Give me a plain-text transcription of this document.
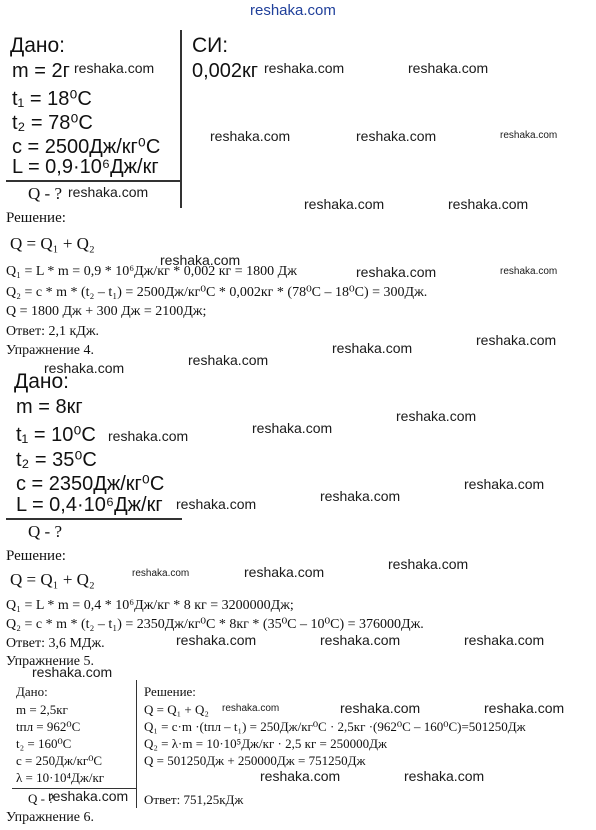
reshaka.com
Дано:	СИ:
m = 2г	0,002кг
t₁ = 18⁰С
t₂ = 78⁰С
с = 2500Дж/кг⁰С
L = 0,9·10⁶Дж/кг
Q - ?
Решение:
Q = Q₁ + Q₂
Q₁ = L * m = 0,9 * 10⁶Дж/кг * 0,002 кг = 1800 Дж
Q₂ = c * m * (t₂ – t₁) = 2500Дж/кг⁰С * 0,002кг * (78⁰С – 18⁰С) = 300Дж.
Q = 1800 Дж + 300 Дж = 2100Дж;
Ответ: 2,1 кДж.
Упражнение 4.
Дано:
m = 8кг
t₁ = 10⁰С
t₂ = 35⁰С
с = 2350Дж/кг⁰С
L = 0,4·10⁶Дж/кг
Q - ?
Решение:
Q = Q₁ + Q₂
Q₁ = L * m = 0,4 * 10⁶Дж/кг * 8 кг = 3200000Дж;
Q₂ = c * m * (t₂ – t₁) = 2350Дж/кг⁰С * 8кг * (35⁰С – 10⁰С) = 376000Дж.
Ответ: 3,6 МДж.
Упражнение 5.
Дано:
m = 2,5кг
tпл = 962⁰С
t₂ = 160⁰С
с = 250Дж/кг⁰С
λ = 10·10⁴Дж/кг
Q - ?
Решение:
Q = Q₁ + Q₂
Q₁ = c·m ·(tпл – t₁) = 250Дж/кг⁰С · 2,5кг ·(962⁰С – 160⁰С)=501250Дж
Q₂ = λ·m = 10·10⁵Дж/кг · 2,5 кг = 250000Дж
Q = 501250Дж + 250000Дж = 751250Дж
Ответ: 751,25кДж
Упражнение 6.
reshaka.com	reshaka.com	reshaka.com
reshaka.com	reshaka.com	reshaka.com
reshaka.com
reshaka.com	reshaka.com
reshaka.com
reshaka.com	reshaka.com
reshaka.com
reshaka.com
reshaka.com
reshaka.com
reshaka.com
reshaka.com
reshaka.com
reshaka.com
reshaka.com
reshaka.com
reshaka.com
reshaka.com	reshaka.com
reshaka.com	reshaka.com	reshaka.com
reshaka.com
reshaka.com	reshaka.com
reshaka.com
reshaka.com	reshaka.com
reshaka.com
